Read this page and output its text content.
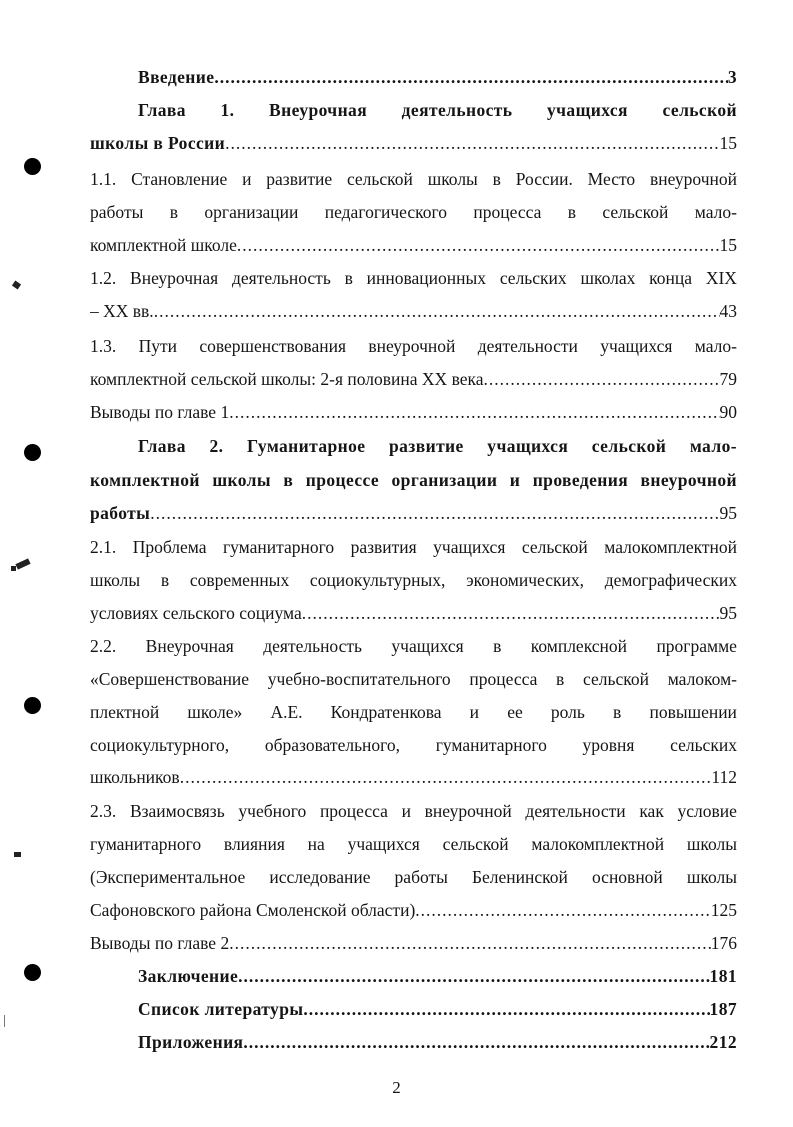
Введение .....	3
Глава 1. Внеурочная деятельность учащихся сельской
школы в России .....	15
1.1. Становление и развитие сельской школы в России. Место внеурочной
работы в организации педагогического процесса в сельской мало-
комплектной школе .....	15
1.2. Внеурочная деятельность в инновационных сельских школах конца XIX
– XX вв. .....	43
1.3. Пути совершенствования внеурочной деятельности учащихся мало-
комплектной сельской школы: 2-я половина XX века .....	79
Выводы по главе 1 .....	90
Глава 2. Гуманитарное развитие учащихся сельской мало-
комплектной школы в процессе организации и проведения внеурочной
работы .....	95
2.1. Проблема гуманитарного развития учащихся сельской малокомплектной
школы в современных социокультурных, экономических, демографических
условиях сельского социума .....	95
2.2. Внеурочная деятельность учащихся в комплексной программе
«Совершенствование учебно-воспитательного процесса в сельской малоком-
плектной школе» А.Е. Кондратенкова и ее роль в повышении
социокультурного, образовательного, гуманитарного уровня сельских
школьников .....	112
2.3. Взаимосвязь учебного процесса и внеурочной деятельности как условие
гуманитарного влияния на учащихся сельской малокомплектной школы
(Экспериментальное исследование работы Беленинской основной школы
Сафоновского района Смоленской области) .....	125
Выводы по главе 2 .....	176
Заключение .....	181
Список литературы .....	187
Приложения .....	212
2
